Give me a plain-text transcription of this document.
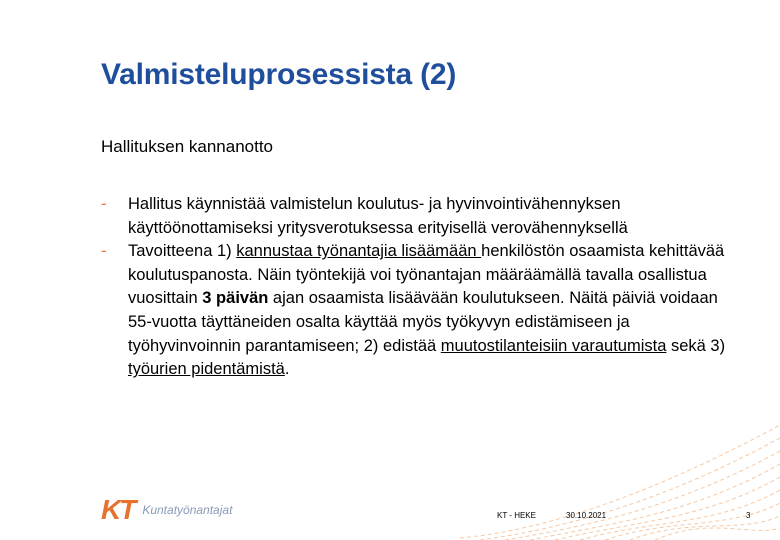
Valmisteluprosessista (2)
Hallituksen kannanotto
- Hallitus käynnistää valmistelun koulutus- ja hyvinvointivähennyksen käyttöönottamiseksi yritysverotuksessa erityisellä verovähennyksellä
- Tavoitteena 1) kannustaa työnantajia lisäämään henkilöstön osaamista kehittävää koulutuspanosta. Näin työntekijä voi työnantajan määräämällä tavalla osallistua vuosittain 3 päivän ajan osaamista lisäävään koulutukseen. Näitä päiviä voidaan 55-vuotta täyttäneiden osalta käyttää myös työkyvyn edistämiseen ja työhyvinvoinnin parantamiseen; 2) edistää muutostilanteisiin varautumista sekä 3) työurien pidentämistä.
KT Kuntatyönantajat	KT - HEKE	30.10.2021	3
